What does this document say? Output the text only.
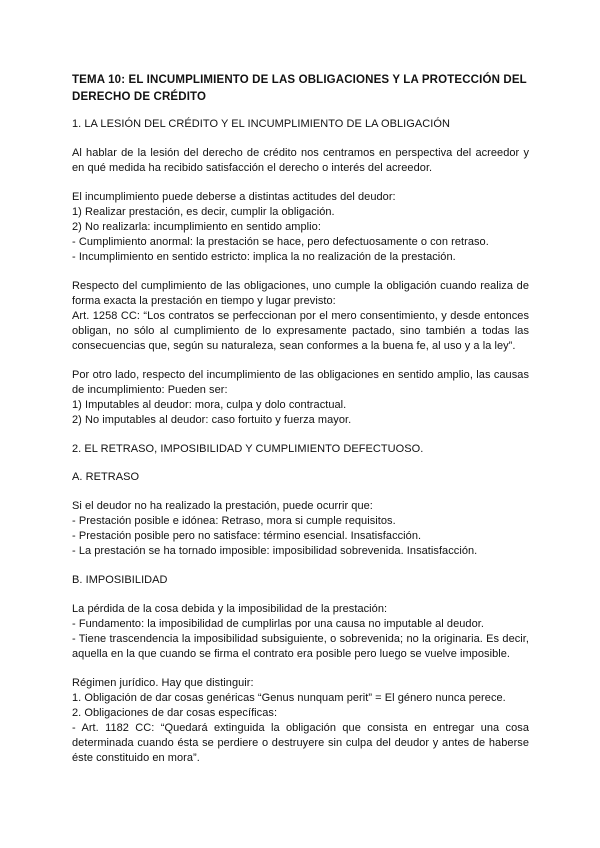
TEMA 10: EL INCUMPLIMIENTO DE LAS OBLIGACIONES Y LA PROTECCIÓN DEL
DERECHO DE CRÉDITO
1. LA LESIÓN DEL CRÉDITO Y EL INCUMPLIMIENTO DE LA OBLIGACIÓN
Al hablar de la lesión del derecho de crédito nos centramos en perspectiva del acreedor y
en qué medida ha recibido satisfacción el derecho o interés del acreedor.
El incumplimiento puede deberse a distintas actitudes del deudor:
1) Realizar prestación, es decir, cumplir la obligación.
2) No realizarla: incumplimiento en sentido amplio:
- Cumplimiento anormal: la prestación se hace, pero defectuosamente o con retraso.
- Incumplimiento en sentido estricto: implica la no realización de la prestación.
Respecto del cumplimiento de las obligaciones, uno cumple la obligación cuando realiza de
forma exacta la prestación en tiempo y lugar previsto:
Art. 1258 CC: “Los contratos se perfeccionan por el mero consentimiento, y desde entonces
obligan, no sólo al cumplimiento de lo expresamente pactado, sino también a todas las
consecuencias que, según su naturaleza, sean conformes a la buena fe, al uso y a la ley”.
Por otro lado, respecto del incumplimiento de las obligaciones en sentido amplio, las causas
de incumplimiento: Pueden ser:
1) Imputables al deudor: mora, culpa y dolo contractual.
2) No imputables al deudor: caso fortuito y fuerza mayor.
2. EL RETRASO, IMPOSIBILIDAD Y CUMPLIMIENTO DEFECTUOSO.
A. RETRASO
Si el deudor no ha realizado la prestación, puede ocurrir que:
- Prestación posible e idónea: Retraso, mora si cumple requisitos.
- Prestación posible pero no satisface: término esencial. Insatisfacción.
- La prestación se ha tornado imposible: imposibilidad sobrevenida. Insatisfacción.
B. IMPOSIBILIDAD
La pérdida de la cosa debida y la imposibilidad de la prestación:
- Fundamento: la imposibilidad de cumplirlas por una causa no imputable al deudor.
- Tiene trascendencia la imposibilidad subsiguiente, o sobrevenida; no la originaria. Es decir,
aquella en la que cuando se firma el contrato era posible pero luego se vuelve imposible.
Régimen jurídico. Hay que distinguir:
1. Obligación de dar cosas genéricas “Genus nunquam perit” = El género nunca perece.
2. Obligaciones de dar cosas específicas:
- Art. 1182 CC: “Quedará extinguida la obligación que consista en entregar una cosa
determinada cuando ésta se perdiere o destruyere sin culpa del deudor y antes de haberse
éste constituido en mora”.
